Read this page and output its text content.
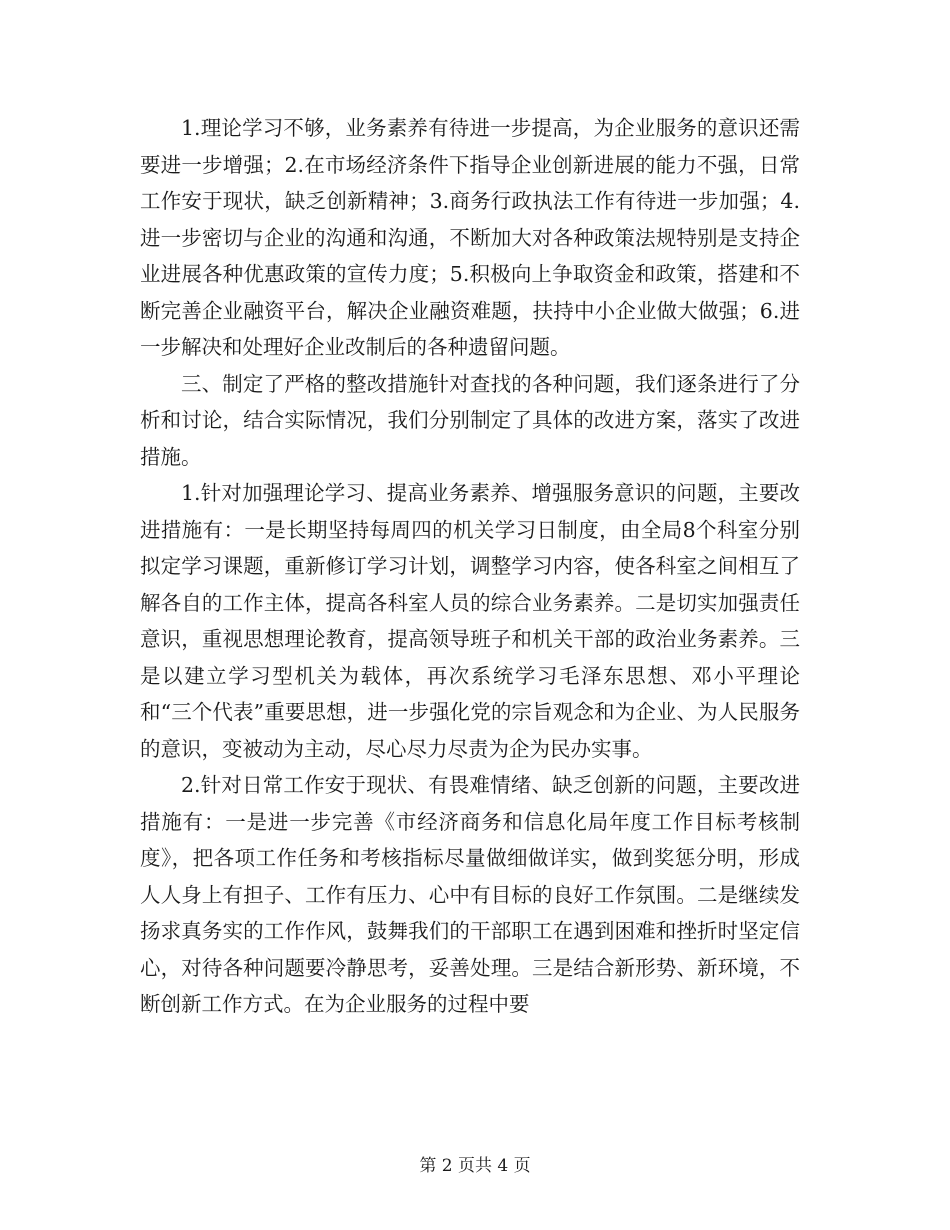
1.理论学习不够，业务素养有待进一步提高，为企业服务的意识还需要进一步增强；2.在市场经济条件下指导企业创新进展的能力不强，日常工作安于现状，缺乏创新精神；3.商务行政执法工作有待进一步加强；4.进一步密切与企业的沟通和沟通，不断加大对各种政策法规特别是支持企业进展各种优惠政策的宣传力度；5.积极向上争取资金和政策，搭建和不断完善企业融资平台，解决企业融资难题，扶持中小企业做大做强；6.进一步解决和处理好企业改制后的各种遗留问题。

三、制定了严格的整改措施针对查找的各种问题，我们逐条进行了分析和讨论，结合实际情况，我们分别制定了具体的改进方案，落实了改进措施。

1.针对加强理论学习、提高业务素养、增强服务意识的问题，主要改进措施有：一是长期坚持每周四的机关学习日制度，由全局8个科室分别拟定学习课题，重新修订学习计划，调整学习内容，使各科室之间相互了解各自的工作主体，提高各科室人员的综合业务素养。二是切实加强责任意识，重视思想理论教育，提高领导班子和机关干部的政治业务素养。三是以建立学习型机关为载体，再次系统学习毛泽东思想、邓小平理论和“三个代表”重要思想，进一步强化党的宗旨观念和为企业、为人民服务的意识，变被动为主动，尽心尽力尽责为企为民办实事。

2.针对日常工作安于现状、有畏难情绪、缺乏创新的问题，主要改进措施有：一是进一步完善《市经济商务和信息化局年度工作目标考核制度》，把各项工作任务和考核指标尽量做细做详实，做到奖惩分明，形成人人身上有担子、工作有压力、心中有目标的良好工作氛围。二是继续发扬求真务实的工作作风，鼓舞我们的干部职工在遇到困难和挫折时坚定信心，对待各种问题要冷静思考，妥善处理。三是结合新形势、新环境，不断创新工作方式。在为企业服务的过程中要

第 2 页共 4 页
